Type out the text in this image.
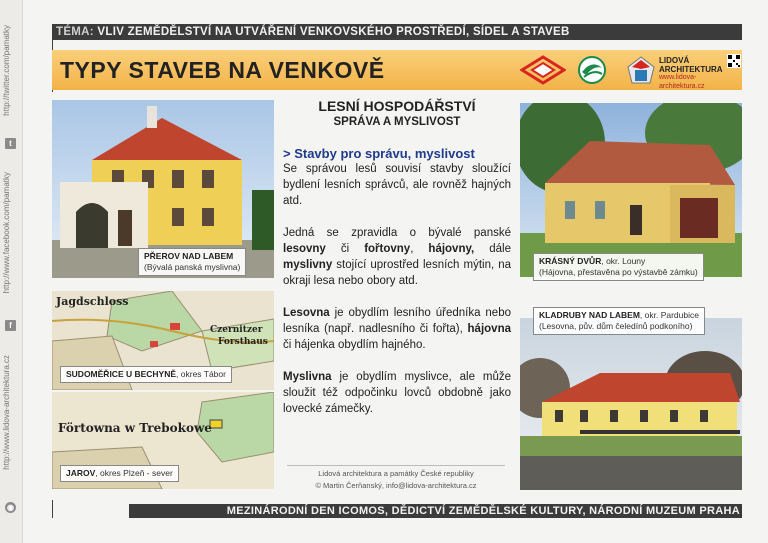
http://twitter.com/pamatky
t
http://www.facebook.com/pamatky
f
http://www.lidova-architektura.cz
◉
TÉMA: VLIV ZEMĚDĚLSTVÍ NA UTVÁŘENÍ VENKOVSKÉHO PROSTŘEDÍ, SÍDEL A STAVEB
TYPY STAVEB NA VENKOVĚ	LIDOVÁ
ARCHITEKTURA
www.lidova-architektura.cz
PŘEROV NAD LABEM
(Bývalá panská myslivna)
Jagdschloss
Czernitzer
Forsthaus
SUDOMĚŘICE U BECHYNĚ, okres Tábor
Förtowna w Trebokowe
JAROV, okres Plzeň - sever
LESNÍ HOSPODÁŘSTVÍ
SPRÁVA A MYSLIVOST
> Stavby pro správu, myslivost

Se správou lesů souvisí stavby sloužící bydlení lesních správců, ale rovněž hajných atd.

Jedná se zpravidla o bývalé panské lesovny či fořtovny, hájovny, dále myslivny stojící uprostřed lesních mýtin, na okraji lesa nebo obory atd.

Lesovna je obydlím lesního úředníka nebo lesníka (např. nadlesního či fořta), hájovna či hájenka obydlím hajného.

Myslivna je obydlím myslivce, ale může sloužit též odpočinku lovců obdobně jako lovecké zámečky.

Lidová architektura a památky České republiky
© Martin Čerňanský, info@lidova-architektura.cz
KRÁSNÝ DVŮR, okr. Louny
(Hájovna, přestavěna po výstavbě zámku)
KLADRUBY NAD LABEM, okr. Pardubice
(Lesovna, pův. dům čeledínů podkoního)
MEZINÁRODNÍ DEN ICOMOS, DĚDICTVÍ ZEMĚDĚLSKÉ KULTURY, NÁRODNÍ MUZEUM PRAHA
